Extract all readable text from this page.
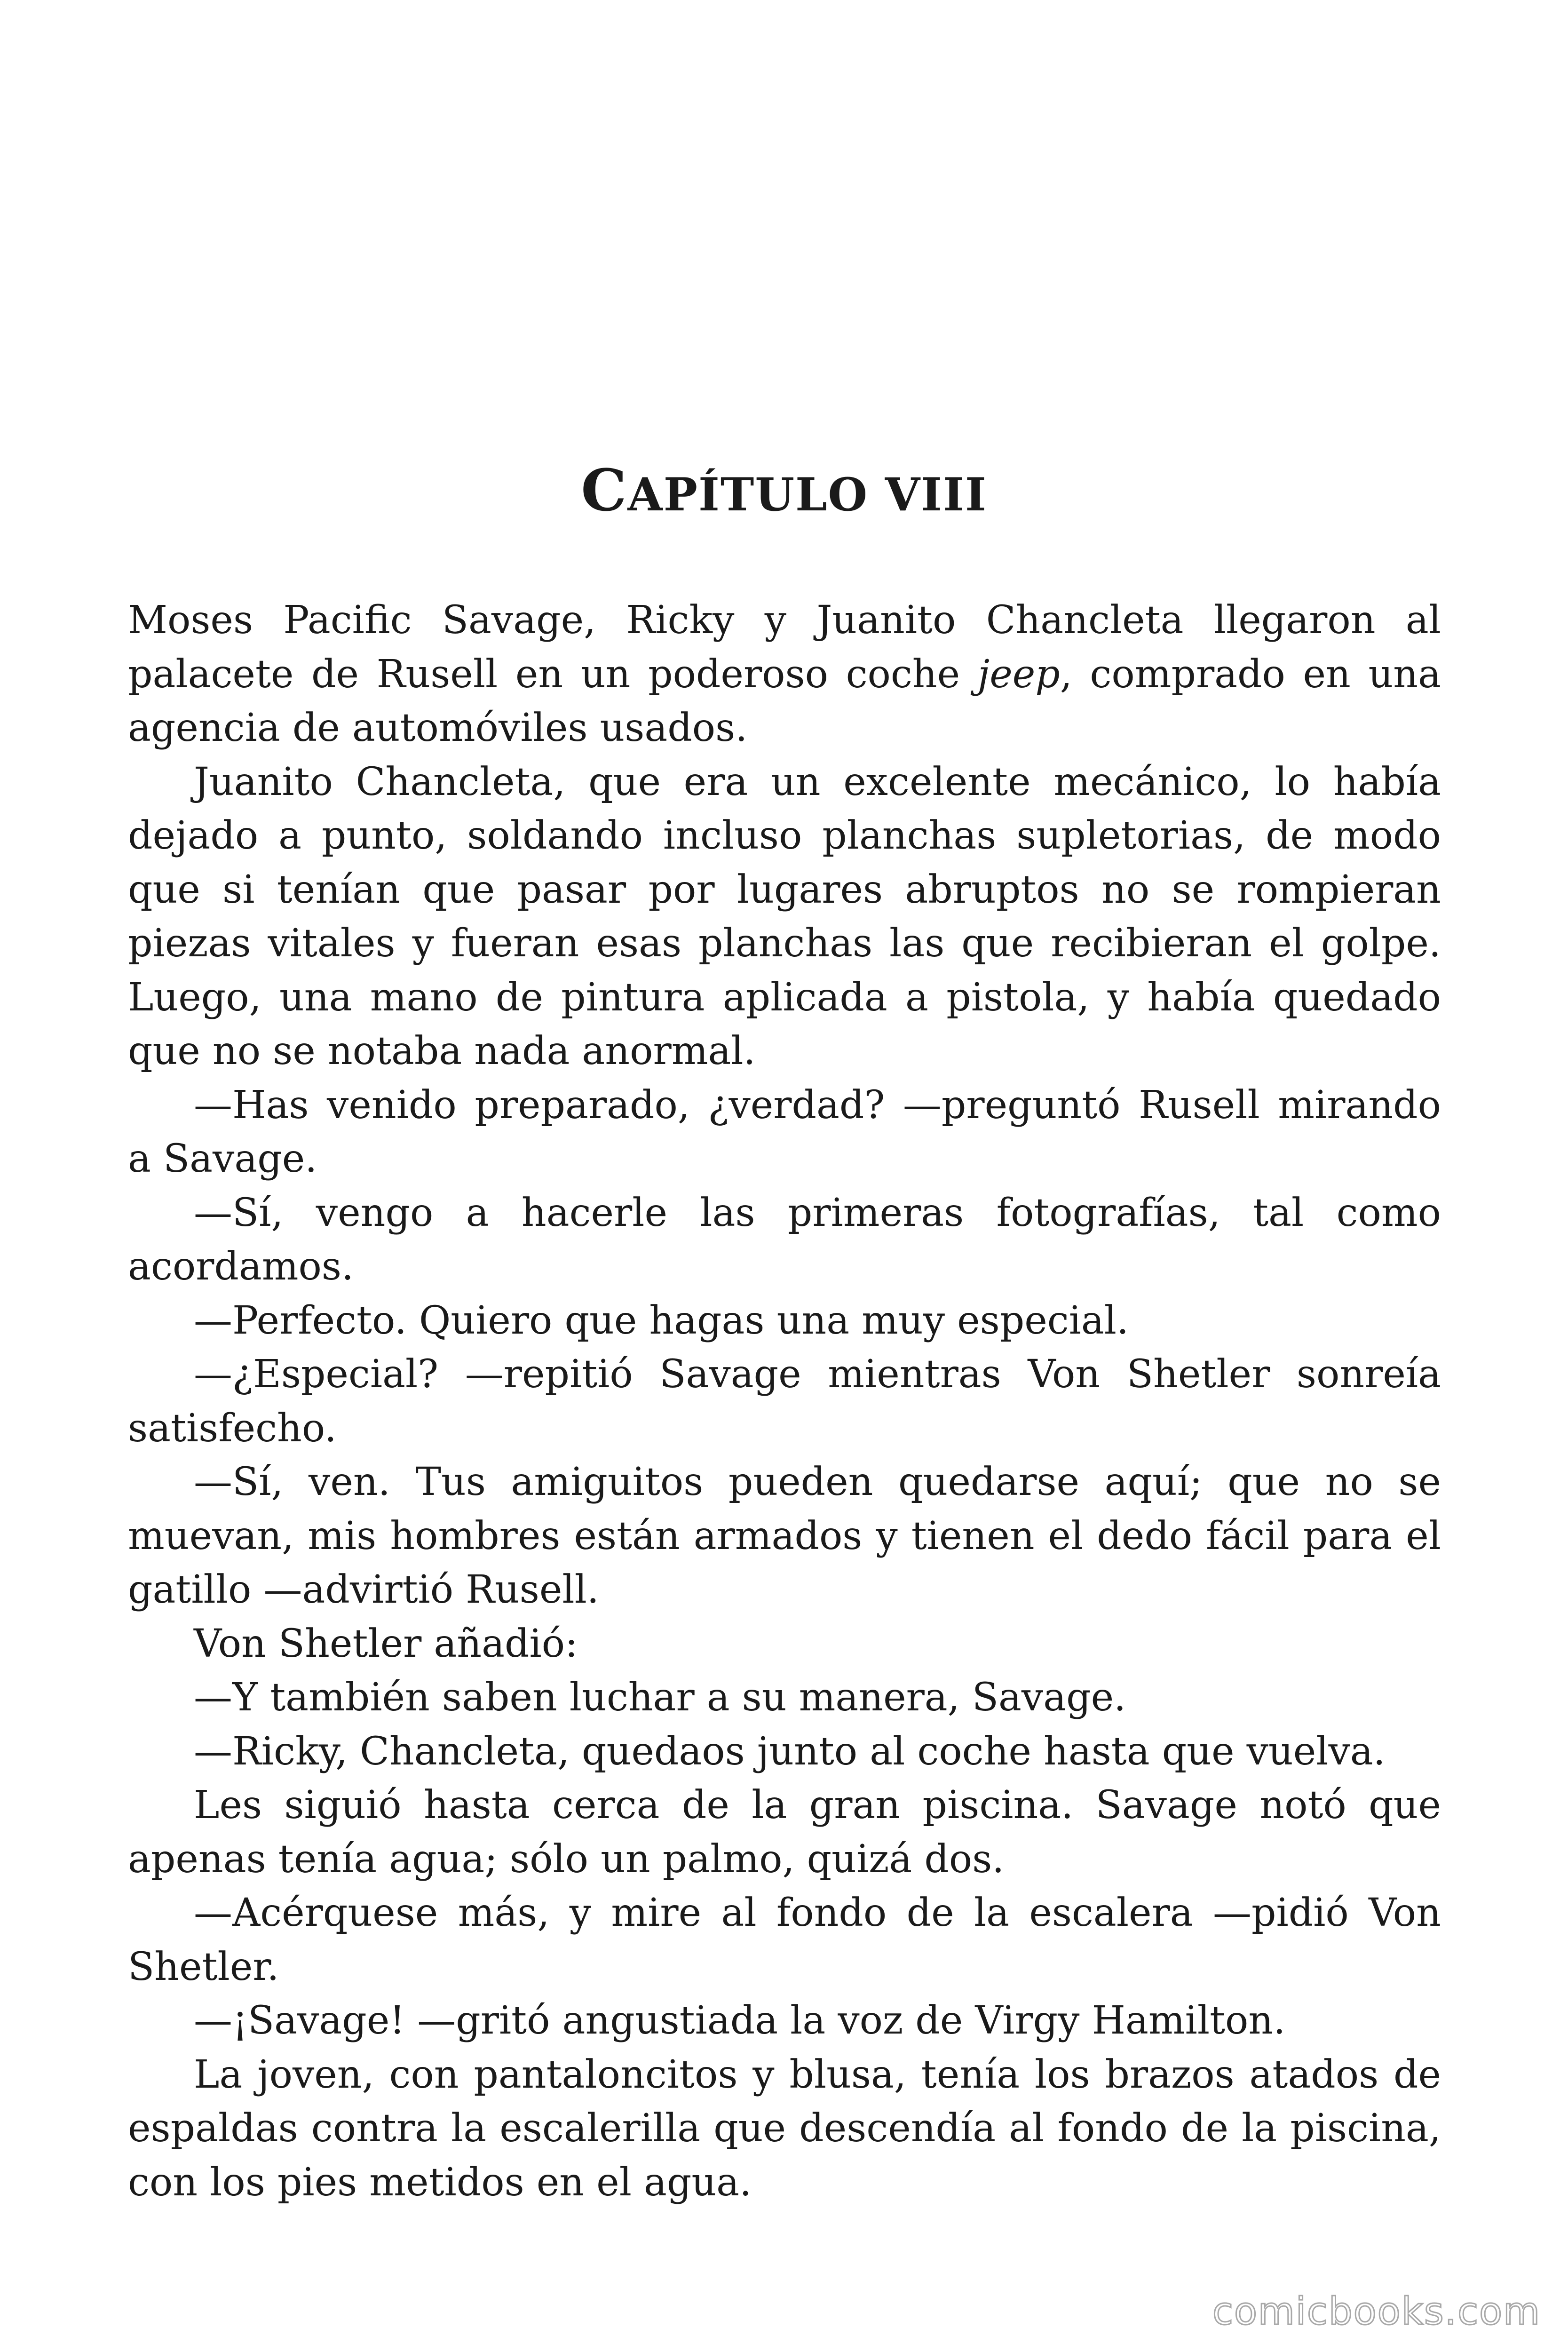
CAPÍTULO VIII

Moses Pacific Savage, Ricky y Juanito Chancleta llegaron al palacete de Rusell en un poderoso coche jeep, comprado en una agencia de automóviles usados.

Juanito Chancleta, que era un excelente mecánico, lo había dejado a punto, soldando incluso planchas supletorias, de modo que si tenían que pasar por lugares abruptos no se rompieran piezas vitales y fueran esas planchas las que recibieran el golpe. Luego, una mano de pintura aplicada a pistola, y había quedado que no se notaba nada anormal.

—Has venido preparado, ¿verdad? —preguntó Rusell mirando a Savage.

—Sí, vengo a hacerle las primeras fotografías, tal como acordamos.

—Perfecto. Quiero que hagas una muy especial.

—¿Especial? —repitió Savage mientras Von Shetler sonreía satisfecho.

—Sí, ven. Tus amiguitos pueden quedarse aquí; que no se muevan, mis hombres están armados y tienen el dedo fácil para el gatillo —advirtió Rusell.

Von Shetler añadió:

—Y también saben luchar a su manera, Savage.

—Ricky, Chancleta, quedaos junto al coche hasta que vuelva.

Les siguió hasta cerca de la gran piscina. Savage notó que apenas tenía agua; sólo un palmo, quizá dos.

—Acérquese más, y mire al fondo de la escalera —pidió Von Shetler.

—¡Savage! —gritó angustiada la voz de Virgy Hamilton.

La joven, con pantaloncitos y blusa, tenía los brazos atados de espaldas contra la escalerilla que descendía al fondo de la piscina, con los pies metidos en el agua.

comicbooks.com
